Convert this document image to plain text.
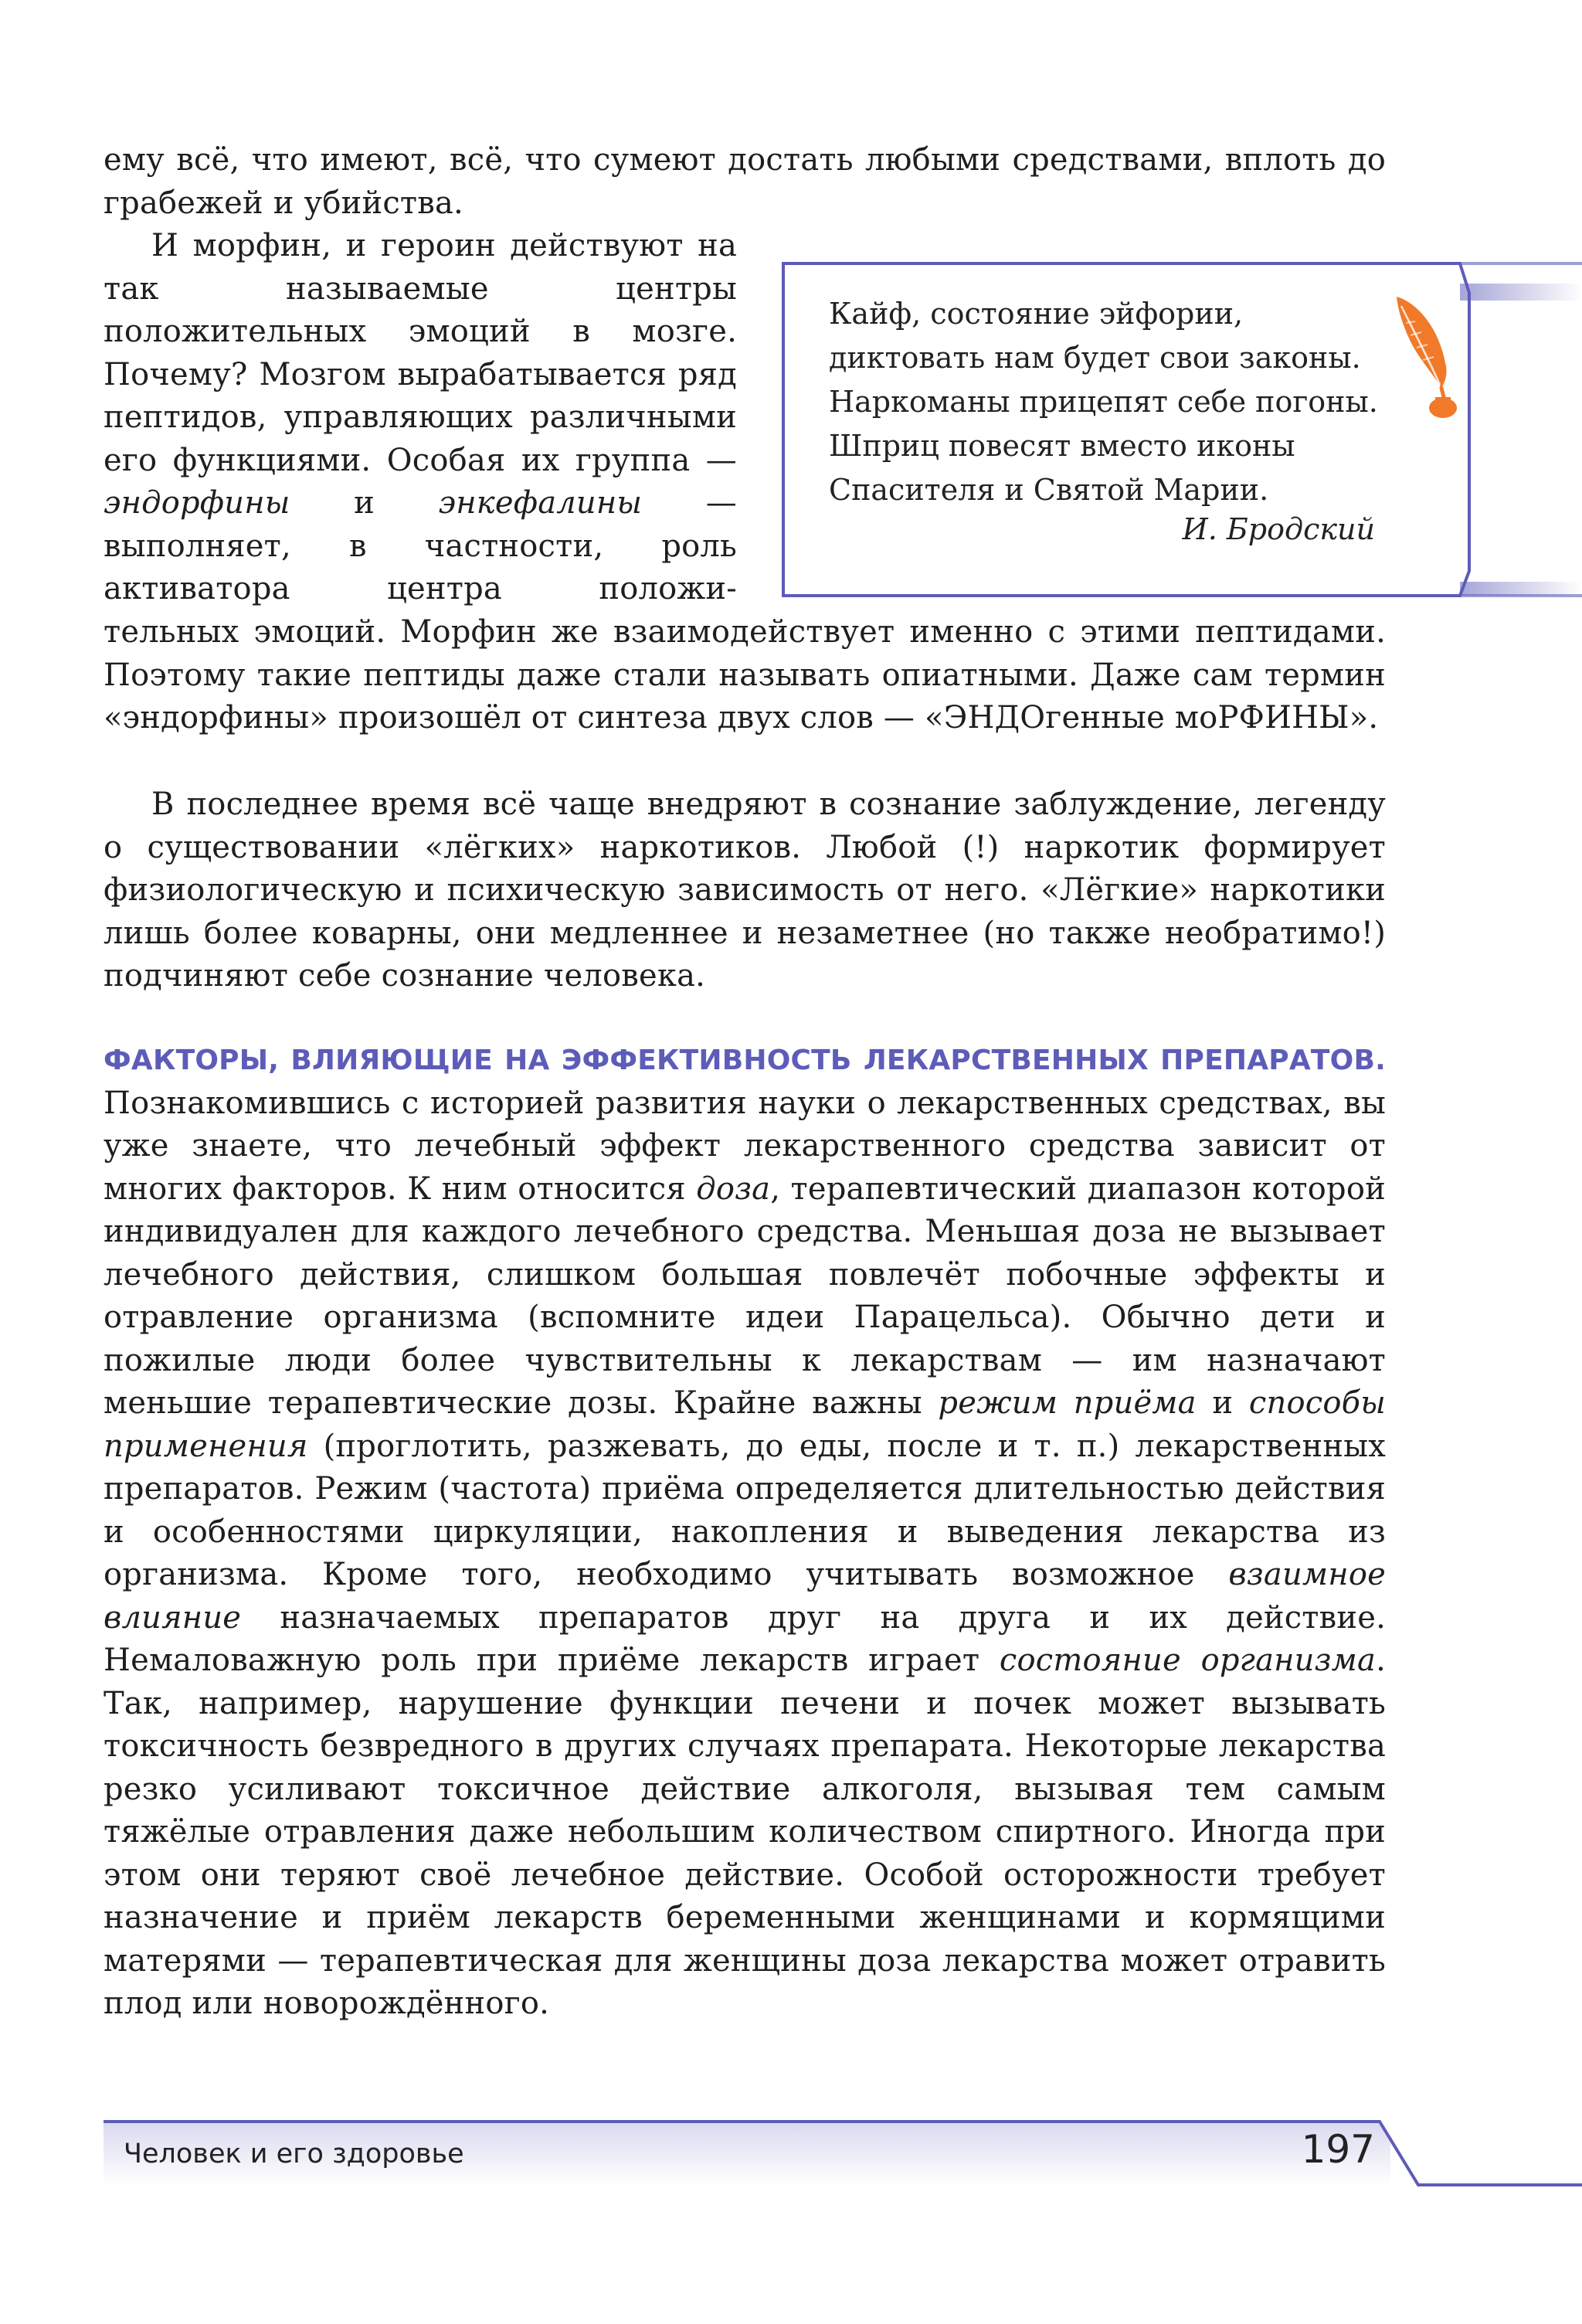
ему всё, что имеют, всё, что сумеют достать любыми средствами, вплоть до грабежей и убийства.

И морфин, и героин действуют на так называемые центры положительных эмоций в мозге. Почему? Мозгом вырабатывается ряд пептидов, управляющих различными его функциями. Особая их группа — эндорфины и энкефалины — выполняет, в частности, роль активатора центра положи-

тельных эмоций. Морфин же взаимодействует именно с этими пептидами. Поэтому такие пептиды даже стали называть опиатными. Даже сам термин «эндорфины» произошёл от синтеза двух слов — «ЭНДОгенные моРФИНЫ».

В последнее время всё чаще внедряют в сознание заблуждение, легенду о существовании «лёгких» наркотиков. Любой (!) наркотик формирует физиологическую и психическую зависимость от него. «Лёгкие» наркотики лишь более коварны, они медленнее и незаметнее (но также необратимо!) подчиняют себе сознание человека.

ФАКТОРЫ, ВЛИЯЮЩИЕ НА ЭФФЕКТИВНОСТЬ ЛЕКАРСТВЕННЫХ ПРЕПАРАТОВ. Познакомившись с историей развития науки о лекарственных средствах, вы уже знаете, что лечебный эффект лекарственного средства зависит от многих факторов. К ним относится доза, терапевтический диапазон которой индивидуален для каждого лечебного средства. Меньшая доза не вызывает лечебного действия, слишком большая повлечёт побочные эффекты и отравление организма (вспомните идеи Парацельса). Обычно дети и пожилые люди более чувствительны к лекарствам — им назначают меньшие терапевтические дозы. Крайне важны режим приёма и способы применения (проглотить, разжевать, до еды, после и т. п.) лекарственных препаратов. Режим (частота) приёма определяется длительностью действия и особенностями циркуляции, накопления и выведения лекарства из организма. Кроме того, необходимо учитывать возможное взаимное влияние назначаемых препаратов друг на друга и их действие. Немаловажную роль при приёме лекарств играет состояние организма. Так, например, нарушение функции печени и почек может вызывать токсичность безвредного в других случаях препарата. Некоторые лекарства резко усиливают токсичное действие алкоголя, вызывая тем самым тяжёлые отравления даже небольшим количеством спиртного. Иногда при этом они теряют своё лечебное действие. Особой осторожности требует назначение и приём лекарств беременными женщинами и кормящими матерями — терапевтическая для женщины доза лекарства может отравить плод или новорождённого.

Кайф, состояние эйфории,
диктовать нам будет свои законы.
Наркоманы прицепят себе погоны.
Шприц повесят вместо иконы
Спасителя и Святой Марии.
И. Бродский
Человек и его здоровье	197
